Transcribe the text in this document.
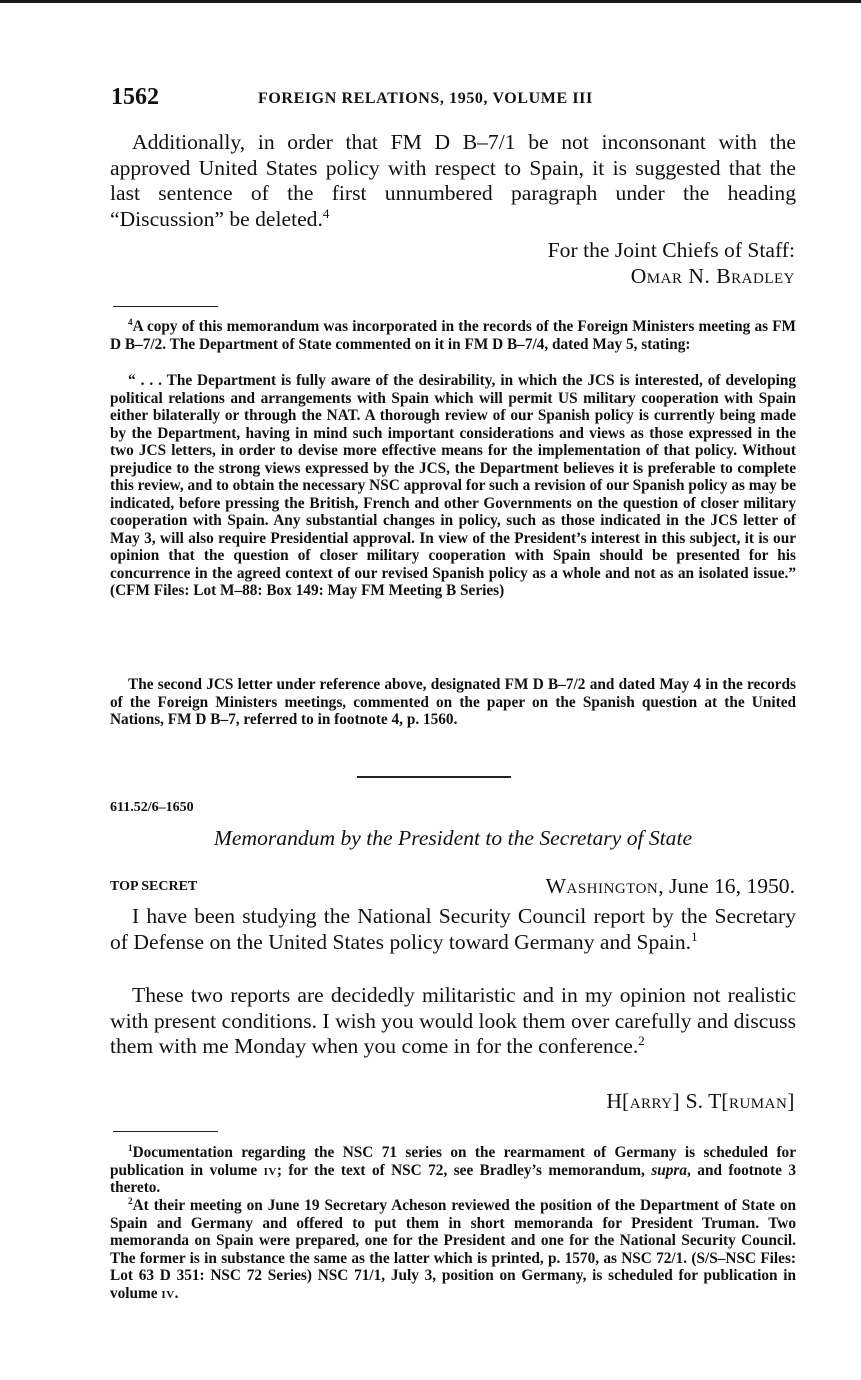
1562	FOREIGN RELATIONS, 1950, VOLUME III

Additionally, in order that FM D B–7/1 be not inconsonant with the approved United States policy with respect to Spain, it is suggested that the last sentence of the first unnumbered paragraph under the heading “Discussion” be deleted.$^4$

For the Joint Chiefs of Staff:

Omar N. Bradley

$^4$A copy of this memorandum was incorporated in the records of the Foreign Ministers meeting as FM D B–7/2. The Department of State commented on it in FM D B–7/4, dated May 5, stating:

“ . . . The Department is fully aware of the desirability, in which the JCS is interested, of developing political relations and arrangements with Spain which will permit US military cooperation with Spain either bilaterally or through the NAT. A thorough review of our Spanish policy is currently being made by the Department, having in mind such important considerations and views as those expressed in the two JCS letters, in order to devise more effective means for the implementation of that policy. Without prejudice to the strong views expressed by the JCS, the Department believes it is preferable to complete this review, and to obtain the necessary NSC approval for such a revision of our Spanish policy as may be indicated, before pressing the British, French and other Governments on the question of closer military cooperation with Spain. Any substantial changes in policy, such as those indicated in the JCS letter of May 3, will also require Presidential approval. In view of the President’s interest in this subject, it is our opinion that the question of closer military cooperation with Spain should be presented for his concurrence in the agreed context of our revised Spanish policy as a whole and not as an isolated issue.” (CFM Files: Lot M–88: Box 149: May FM Meeting B Series)

The second JCS letter under reference above, designated FM D B–7/2 and dated May 4 in the records of the Foreign Ministers meetings, commented on the paper on the Spanish question at the United Nations, FM D B–7, referred to in footnote 4, p. 1560.

611.52/6–1650
Memorandum by the President to the Secretary of State
TOP SECRET	Washington, June 16, 1950.

I have been studying the National Security Council report by the Secretary of Defense on the United States policy toward Germany and Spain.$^1$

These two reports are decidedly militaristic and in my opinion not realistic with present conditions. I wish you would look them over carefully and discuss them with me Monday when you come in for the conference.$^2$

H[arry] S. T[ruman]

$^1$Documentation regarding the NSC 71 series on the rearmament of Germany is scheduled for publication in volume iv; for the text of NSC 72, see Bradley’s memorandum, supra, and footnote 3 thereto.

$^2$At their meeting on June 19 Secretary Acheson reviewed the position of the Department of State on Spain and Germany and offered to put them in short memoranda for President Truman. Two memoranda on Spain were prepared, one for the President and one for the National Security Council. The former is in substance the same as the latter which is printed, p. 1570, as NSC 72/1. (S/S–NSC Files: Lot 63 D 351: NSC 72 Series) NSC 71/1, July 3, position on Germany, is scheduled for publication in volume iv.
